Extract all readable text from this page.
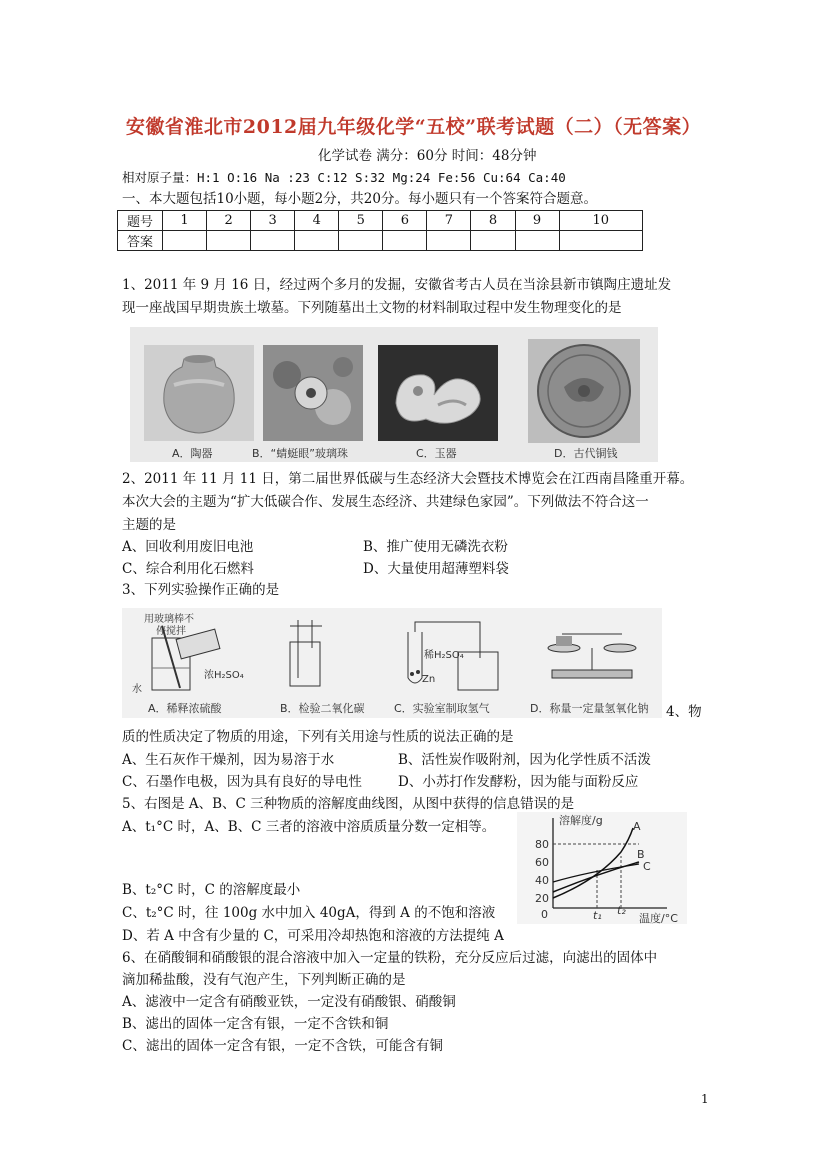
安徽省淮北市2012届九年级化学“五校”联考试题（二）（无答案）
化学试卷 满分：60分 时间：48分钟
相对原子量：H:1 O:16 Na :23 C:12 S:32 Mg:24 Fe:56 Cu:64 Ca:40
一、本大题包括10小题，每小题2分，共20分。每小题只有一个答案符合题意。
题号	1	2	3	4	5	6	7	8	9	10
答案										
1、2011 年 9 月 16 日，经过两个多月的发掘，安徽省考古人员在当涂县新市镇陶庄遗址发
现一座战国早期贵族土墩墓。下列随墓出土文物的材料制取过程中发生物理变化的是
A．陶器	B．“蜻蜓眼”玻璃珠	C．玉器	D．古代铜钱
2、2011 年 11 月 11 日，第二届世界低碳与生态经济大会暨技术博览会在江西南昌隆重开幕。
本次大会的主题为“扩大低碳合作、发展生态经济、共建绿色家园”。下列做法不符合这一
主题的是
A、回收利用废旧电池	B、推广使用无磷洗衣粉
C、综合利用化石燃料	D、大量使用超薄塑料袋
3、下列实验操作正确的是
用玻璃棒不
停搅拌
浓H₂SO₄
水
稀H₂SO₄
Zn
A．稀释浓硫酸	B．检验二氧化碳	C．实验室制取氢气	D．称量一定量氢氧化钠 4、物
质的性质决定了物质的用途，下列有关用途与性质的说法正确的是
A、生石灰作干燥剂，因为易溶于水	B、活性炭作吸附剂，因为化学性质不活泼
C、石墨作电极，因为具有良好的导电性	D、小苏打作发酵粉，因为能与面粉反应
5、右图是 A、B、C 三种物质的溶解度曲线图，从图中获得的信息错误的是
A、t₁°C 时，A、B、C 三者的溶液中溶质质量分数一定相等。
B、t₂°C 时，C 的溶解度最小
C、t₂°C 时，往 100g 水中加入 40gA，得到 A 的不饱和溶液
D、若 A 中含有少量的 C，可采用冷却热饱和溶液的方法提纯 A
溶解度/g
80
60
40
20
0	t₁ t₂
温度/°C
A
B
C
6、在硝酸铜和硝酸银的混合溶液中加入一定量的铁粉，充分反应后过滤，向滤出的固体中
滴加稀盐酸，没有气泡产生，下列判断正确的是
A、滤液中一定含有硝酸亚铁，一定没有硝酸银、硝酸铜
B、滤出的固体一定含有银，一定不含铁和铜
C、滤出的固体一定含有银，一定不含铁，可能含有铜
1
